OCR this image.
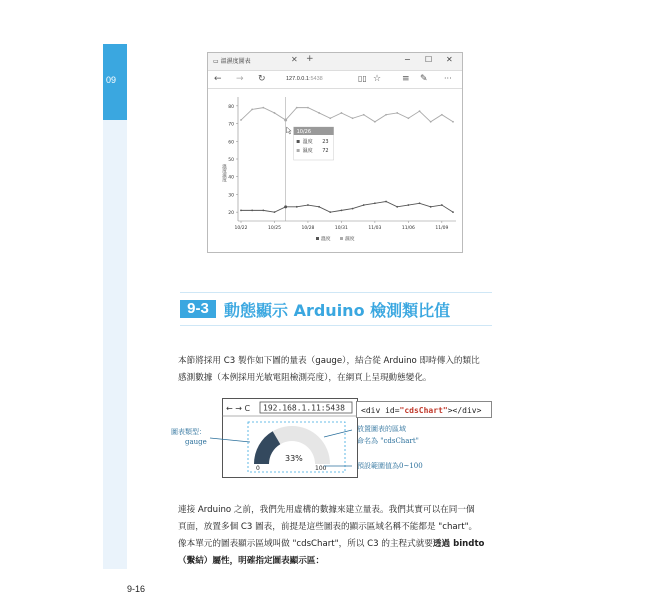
09
▭ 溫濕度圖表	✕ +	− ☐ ✕
← → ↻	127.0.0.1:5438	▯▯ ☆ ≡ ✎ ···
20
30
40
50
60
70
80
溫度濕度
10/22	10/25	10/28	10/31	11/03	11/06	11/09
10/26
溫度 23
濕度 72
溫度	濕度
9-3 動態顯示 Arduino 檢測類比值
本節將採用 C3 製作如下圖的量表（gauge），結合從 Arduino 即時傳入的類比
感測數據（本例採用光敏電阻檢測亮度），在網頁上呈現動態變化。
← → C 192.168.1.11:5438
33%
0	100
<div id="cdsChart"></div>
圖表類型：
gauge
放置圖表的區域
命名為 "cdsChart"
預設範圍值為0~100
連接 Arduino 之前，我們先用虛構的數據來建立量表。我們其實可以在同一個
頁面，放置多個 C3 圖表，前提是這些圖表的顯示區域名稱不能都是 "chart"。
像本單元的圖表顯示區域叫做 "cdsChart"，所以 C3 的主程式就要透過 bindto
（繫結）屬性，明確指定圖表顯示區：
9-16
